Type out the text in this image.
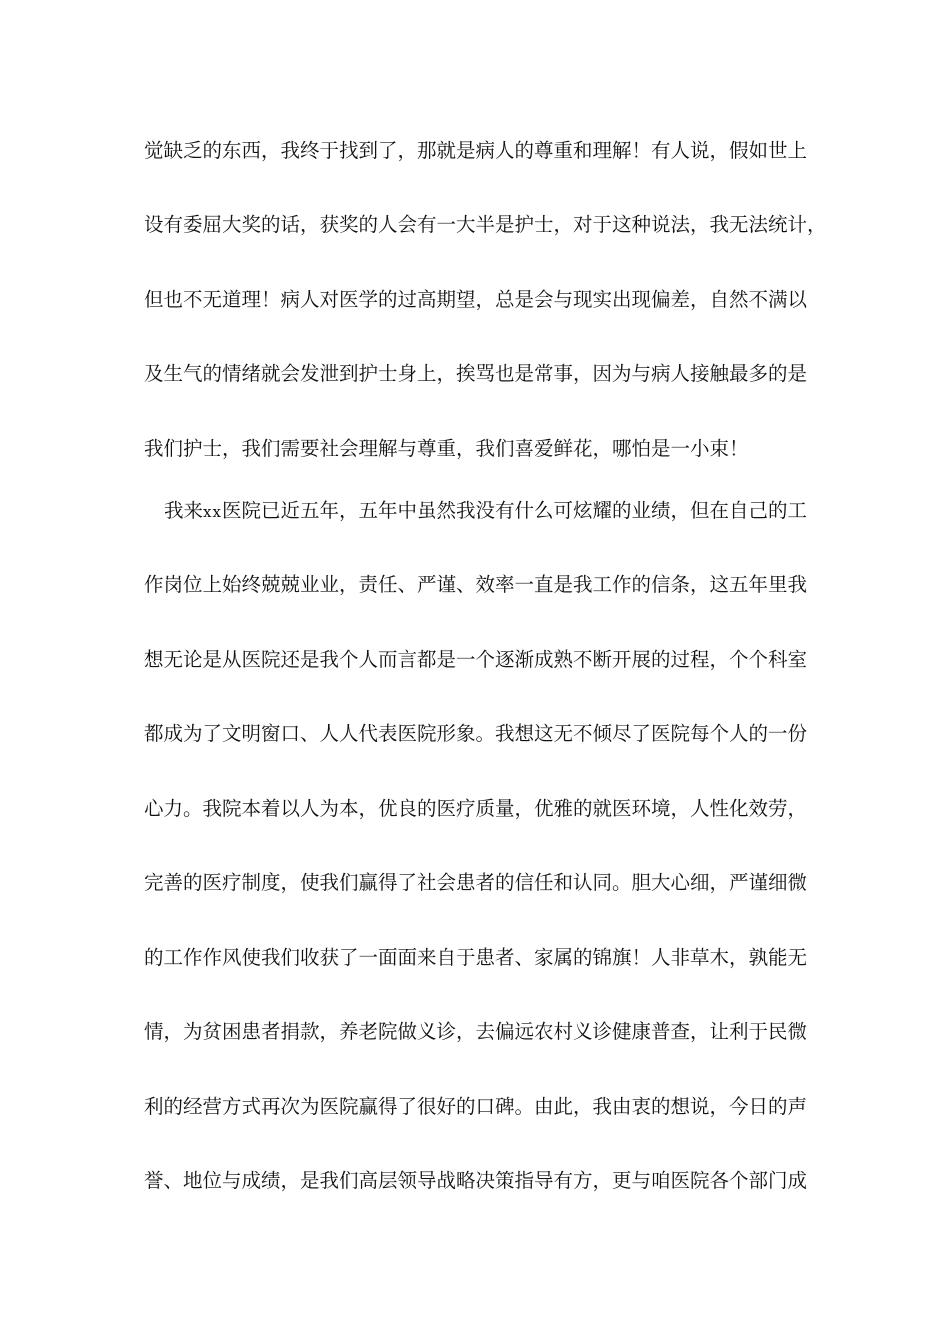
觉缺乏的东西，我终于找到了，那就是病人的尊重和理解！有人说，假如世上
设有委屈大奖的话，获奖的人会有一大半是护士，对于这种说法，我无法统计，
但也不无道理！病人对医学的过高期望，总是会与现实出现偏差，自然不满以
及生气的情绪就会发泄到护士身上，挨骂也是常事，因为与病人接触最多的是
我们护士，我们需要社会理解与尊重，我们喜爱鲜花，哪怕是一小束！
我来xx医院已近五年，五年中虽然我没有什么可炫耀的业绩，但在自己的工
作岗位上始终兢兢业业，责任、严谨、效率一直是我工作的信条，这五年里我
想无论是从医院还是我个人而言都是一个逐渐成熟不断开展的过程，个个科室
都成为了文明窗口、人人代表医院形象。我想这无不倾尽了医院每个人的一份
心力。我院本着以人为本，优良的医疗质量，优雅的就医环境，人性化效劳，
完善的医疗制度，使我们赢得了社会患者的信任和认同。胆大心细，严谨细微
的工作作风使我们收获了一面面来自于患者、家属的锦旗！人非草木，孰能无
情，为贫困患者捐款，养老院做义诊，去偏远农村义诊健康普查，让利于民微
利的经营方式再次为医院赢得了很好的口碑。由此，我由衷的想说，今日的声
誉、地位与成绩，是我们高层领导战略决策指导有方，更与咱医院各个部门成
